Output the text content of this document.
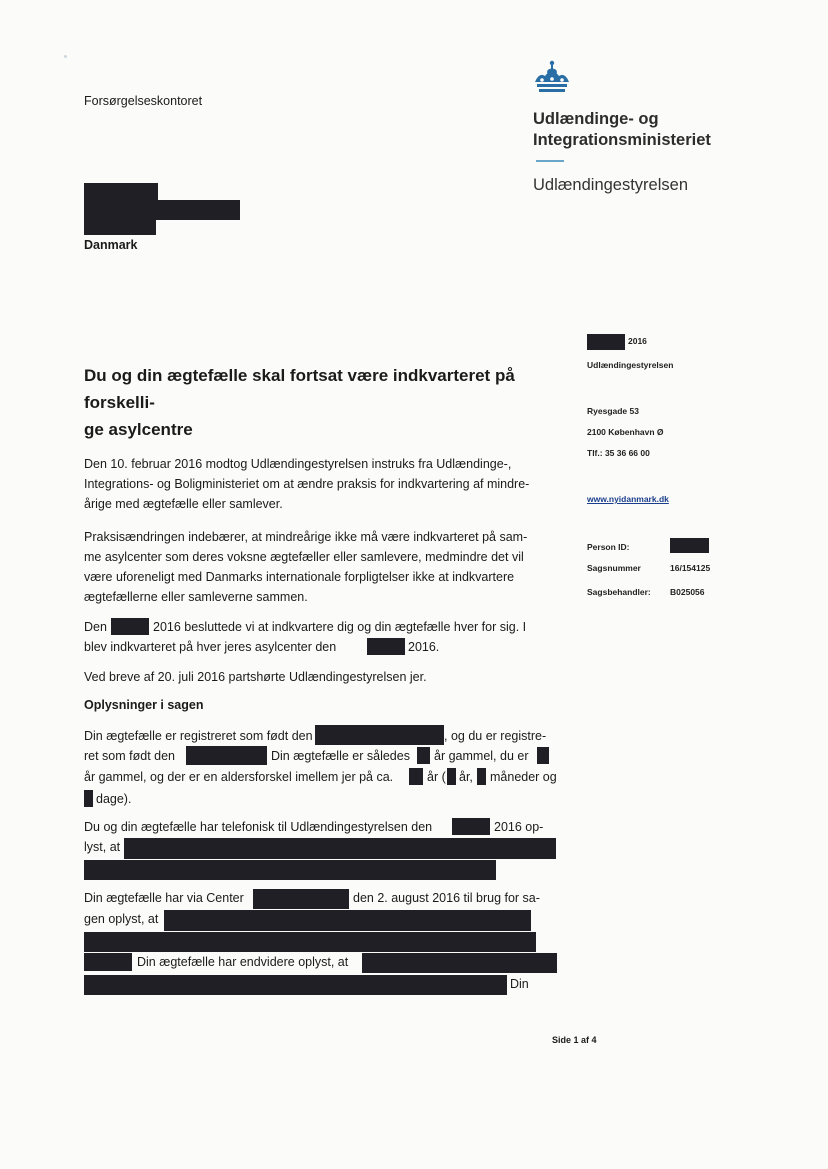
Forsørgelseskontoret
Udlændinge- og
Integrationsministeriet
Udlændingestyrelsen
Danmark
2016
Udlændingestyrelsen
Ryesgade 53
2100 København Ø
Tlf.: 35 36 66 00
www.nyidanmark.dk
Person ID:
Sagsnummer	16/154125
Sagsbehandler: B025056
Du og din ægtefælle skal fortsat være indkvarteret på forskelli-
ge asylcentre
Den 10. februar 2016 modtog Udlændingestyrelsen instruks fra Udlændinge-,
Integrations- og Boligministeriet om at ændre praksis for indkvartering af mindre-
årige med ægtefælle eller samlever.
Praksisændringen indebærer, at mindreårige ikke må være indkvarteret på sam-
me asylcenter som deres voksne ægtefæller eller samlevere, medmindre det vil
være uforeneligt med Danmarks internationale forpligtelser ikke at indkvartere
ægtefællerne eller samleverne sammen.
Den	2016 besluttede vi at indkvartere dig og din ægtefælle hver for sig. I
blev indkvarteret på hver jeres asylcenter den	2016.
Ved breve af 20. juli 2016 partshørte Udlændingestyrelsen jer.
Oplysninger i sagen
Din ægtefælle er registreret som født den	, og du er registre-
ret som født den	Din ægtefælle er således år gammel, du er
år gammel, og der er en aldersforskel imellem jer på ca.	år ( år, måneder og
dage).
Du og din ægtefælle har telefonisk til Udlændingestyrelsen den	2016 op-
lyst, at
Din ægtefælle har via Center	den 2. august 2016 til brug for sa-
gen oplyst, at
Din ægtefælle har endvidere oplyst, at
Din
Side 1 af 4
